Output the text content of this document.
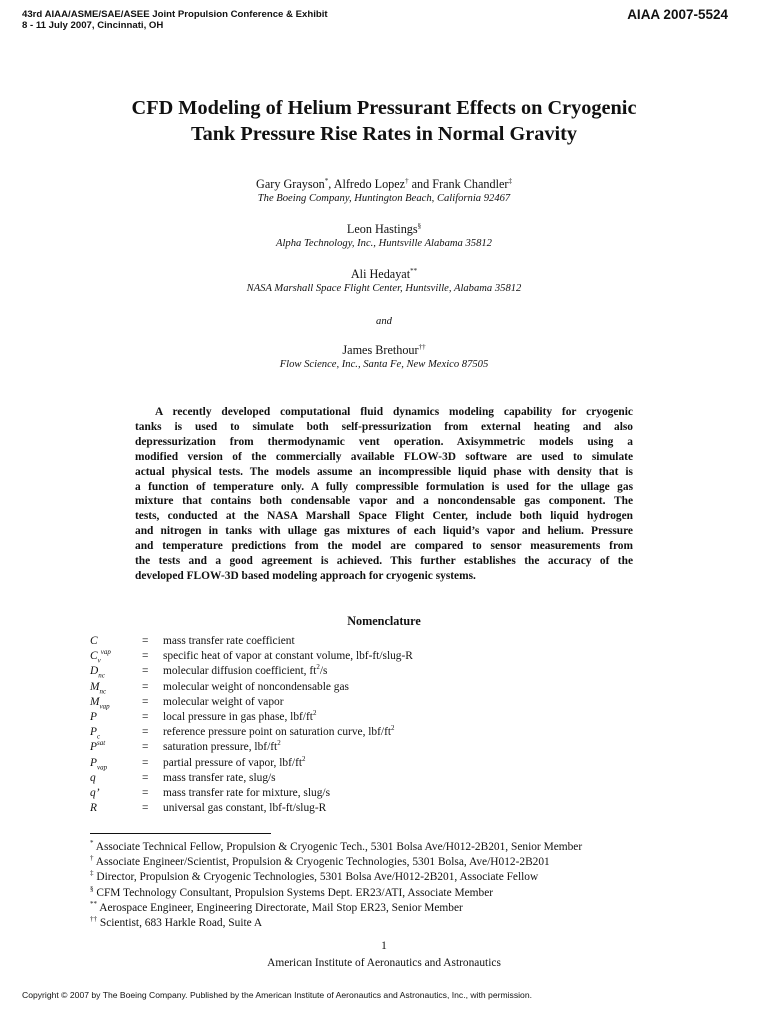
43rd AIAA/ASME/SAE/ASEE Joint Propulsion Conference & Exhibit
8 - 11 July 2007, Cincinnati, OH
AIAA 2007-5524
CFD Modeling of Helium Pressurant Effects on Cryogenic
Tank Pressure Rise Rates in Normal Gravity
Gary Grayson*, Alfredo Lopez† and Frank Chandler‡
The Boeing Company, Huntington Beach, California 92467
Leon Hastings§
Alpha Technology, Inc., Huntsville Alabama 35812
Ali Hedayat**
NASA Marshall Space Flight Center, Huntsville, Alabama 35812
and
James Brethour††
Flow Science, Inc., Santa Fe, New Mexico 87505
A recently developed computational fluid dynamics modeling capability for cryogenic
tanks is used to simulate both self-pressurization from external heating and also
depressurization from thermodynamic vent operation. Axisymmetric models using a
modified version of the commercially available FLOW-3D software are used to simulate
actual physical tests. The models assume an incompressible liquid phase with density that is
a function of temperature only. A fully compressible formulation is used for the ullage gas
mixture that contains both condensable vapor and a noncondensable gas component. The
tests, conducted at the NASA Marshall Space Flight Center, include both liquid hydrogen
and nitrogen in tanks with ullage gas mixtures of each liquid’s vapor and helium. Pressure
and temperature predictions from the model are compared to sensor measurements from
the tests and a good agreement is achieved. This further establishes the accuracy of the
developed FLOW-3D based modeling approach for cryogenic systems.
Nomenclature
C	= mass transfer rate coefficient
$C_v^{vap}$	= specific heat of vapor at constant volume, lbf-ft/slug-R
$D_{nc}$	= molecular diffusion coefficient, $ft^2/s$
$M_{nc}$	= molecular weight of noncondensable gas
$M_{vap}$	= molecular weight of vapor
P	= local pressure in gas phase, lbf/$ft^2$
$P_c$	= reference pressure point on saturation curve, lbf/$ft^2$
$P^{sat}$	= saturation pressure, lbf/$ft^2$
$P_{vap}$	= partial pressure of vapor, lbf/$ft^2$
q	= mass transfer rate, slug/s
q’	= mass transfer rate for mixture, slug/s
R	= universal gas constant, lbf-ft/slug-R
* Associate Technical Fellow, Propulsion & Cryogenic Tech., 5301 Bolsa Ave/H012-2B201, Senior Member
† Associate Engineer/Scientist, Propulsion & Cryogenic Technologies, 5301 Bolsa, Ave/H012-2B201
‡ Director, Propulsion & Cryogenic Technologies, 5301 Bolsa Ave/H012-2B201, Associate Fellow
§ CFM Technology Consultant, Propulsion Systems Dept. ER23/ATI, Associate Member
** Aerospace Engineer, Engineering Directorate, Mail Stop ER23, Senior Member
†† Scientist, 683 Harkle Road, Suite A
1
American Institute of Aeronautics and Astronautics
Copyright © 2007 by The Boeing Company. Published by the American Institute of Aeronautics and Astronautics, Inc., with permission.
